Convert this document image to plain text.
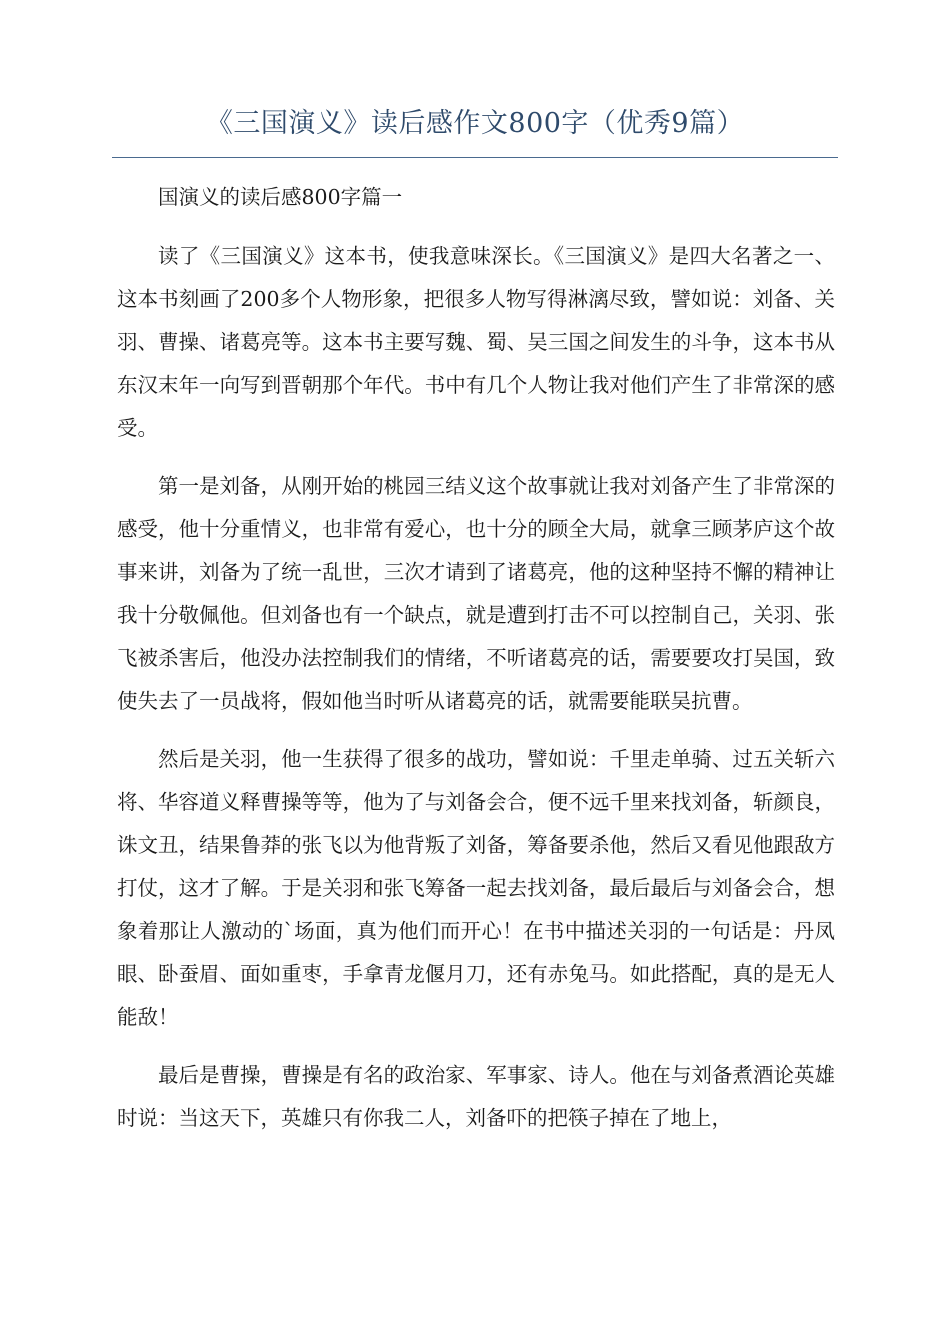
《三国演义》读后感作文800字（优秀9篇）

国演义的读后感800字篇一

读了《三国演义》这本书，使我意味深长。《三国演义》是四大名著之一、这本书刻画了200多个人物形象，把很多人物写得淋漓尽致，譬如说：刘备、关羽、曹操、诸葛亮等。这本书主要写魏、蜀、吴三国之间发生的斗争，这本书从东汉末年一向写到晋朝那个年代。书中有几个人物让我对他们产生了非常深的感受。

第一是刘备，从刚开始的桃园三结义这个故事就让我对刘备产生了非常深的感受，他十分重情义，也非常有爱心，也十分的顾全大局，就拿三顾茅庐这个故事来讲，刘备为了统一乱世，三次才请到了诸葛亮，他的这种坚持不懈的精神让我十分敬佩他。但刘备也有一个缺点，就是遭到打击不可以控制自己，关羽、张飞被杀害后，他没办法控制我们的情绪，不听诸葛亮的话，需要要攻打吴国，致使失去了一员战将，假如他当时听从诸葛亮的话，就需要能联吴抗曹。

然后是关羽，他一生获得了很多的战功，譬如说：千里走单骑、过五关斩六将、华容道义释曹操等等，他为了与刘备会合，便不远千里来找刘备，斩颜良，诛文丑，结果鲁莽的张飞以为他背叛了刘备，筹备要杀他，然后又看见他跟敌方打仗，这才了解。于是关羽和张飞筹备一起去找刘备，最后最后与刘备会合，想象着那让人激动的`场面，真为他们而开心！在书中描述关羽的一句话是：丹凤眼、卧蚕眉、面如重枣，手拿青龙偃月刀，还有赤兔马。如此搭配，真的是无人能敌！

最后是曹操，曹操是有名的政治家、军事家、诗人。他在与刘备煮酒论英雄时说：当这天下，英雄只有你我二人，刘备吓的把筷子掉在了地上，
